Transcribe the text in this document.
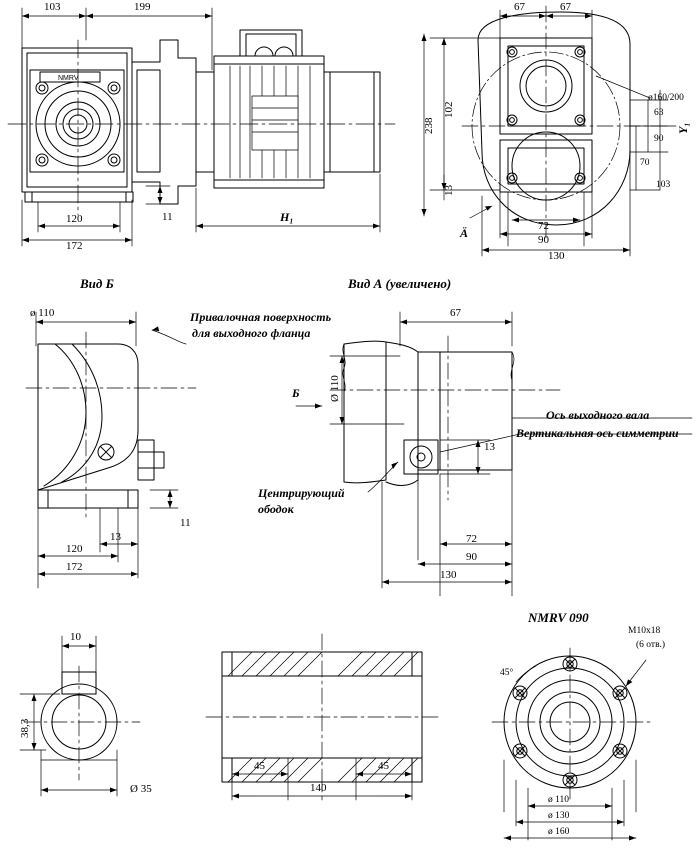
NMRV
103	199
120
172
11	H₁
67	67
238
102
13
72
90
130
ø160/200
63
90
70
103
Ä
Y₁
Вид Б	Вид А (увеличено)
ø 110
120
172
13
11
67
Ø 110
13
72
90
130
Б
Привалочная поверхность
для выходного фланца
Центрирующий
ободок
Ось выходного вала
Вертикальная ось симметрии
10
38,3
Ø 35
45	45
140
NMRV 090
M10x18
(6 отв.)
45°
ø 110
ø 130
ø 160
